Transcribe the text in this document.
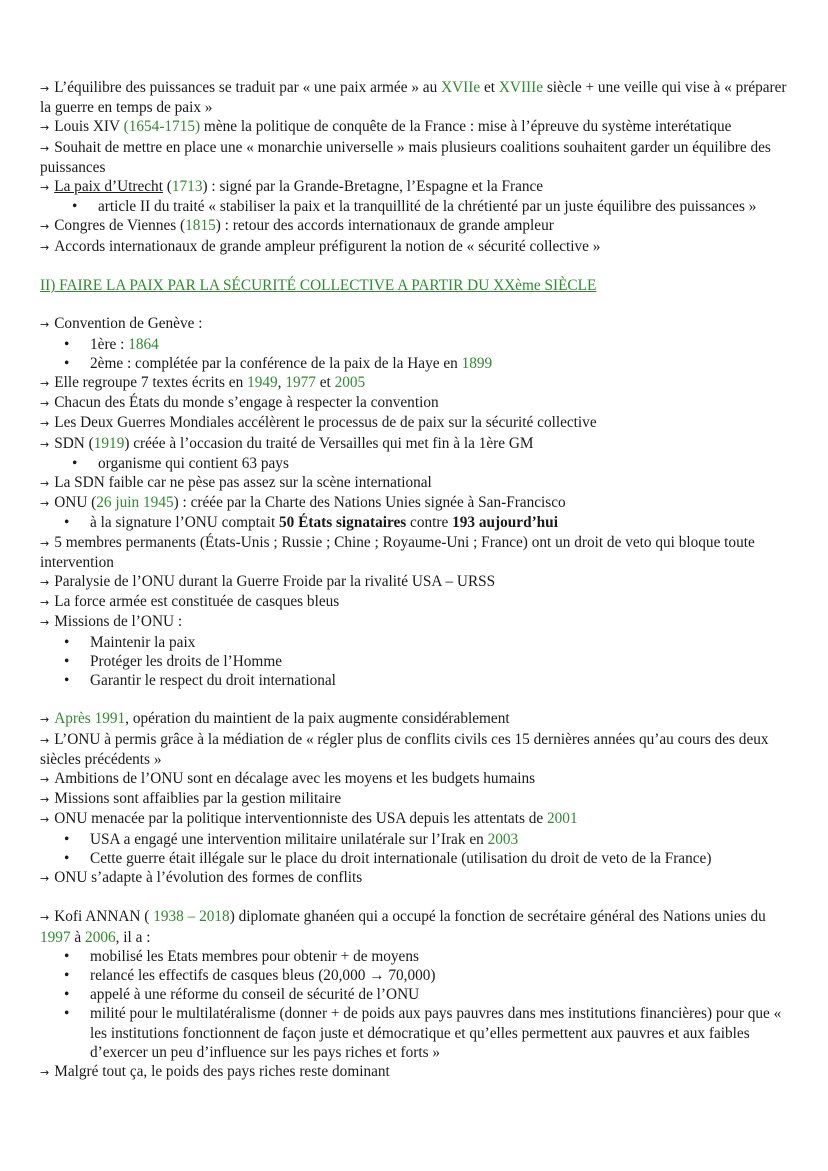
→ L’équilibre des puissances se traduit par « une paix armée » au XVIIe et XVIIIe siècle + une veille qui vise à « préparer la guerre en temps de paix »

→ Louis XIV (1654-1715) mène la politique de conquête de la France : mise à l’épreuve du système interétatique

→ Souhait de mettre en place une « monarchie universelle » mais plusieurs coalitions souhaitent garder un équilibre des puissances

→ La paix d’Utrecht (1713) : signé par la Grande-Bretagne, l’Espagne et la France

• article II du traité « stabiliser la paix et la tranquillité de la chrétienté par un juste équilibre des puissances »

→ Congres de Viennes (1815) : retour des accords internationaux de grande ampleur

→ Accords internationaux de grande ampleur préfigurent la notion de « sécurité collective »

II) FAIRE LA PAIX PAR LA SÉCURITÉ COLLECTIVE A PARTIR DU XXème SIÈCLE

→ Convention de Genève :

• 1ère : 1864
• 2ème : complétée par la conférence de la paix de la Haye en 1899

→ Elle regroupe 7 textes écrits en 1949, 1977 et 2005

→ Chacun des États du monde s’engage à respecter la convention

→ Les Deux Guerres Mondiales accélèrent le processus de de paix sur la sécurité collective

→ SDN (1919) créée à l’occasion du traité de Versailles qui met fin à la 1ère GM

• organisme qui contient 63 pays

→ La SDN faible car ne pèse pas assez sur la scène international

→ ONU (26 juin 1945) : créée par la Charte des Nations Unies signée à San-Francisco

• à la signature l’ONU comptait 50 États signataires contre 193 aujourd’hui

→ 5 membres permanents (États-Unis ; Russie ; Chine ; Royaume-Uni ; France) ont un droit de veto qui bloque toute intervention

→ Paralysie de l’ONU durant la Guerre Froide par la rivalité USA – URSS

→ La force armée est constituée de casques bleus

→ Missions de l’ONU :

• Maintenir la paix
• Protéger les droits de l’Homme
• Garantir le respect du droit international

→ Après 1991, opération du maintient de la paix augmente considérablement

→ L’ONU à permis grâce à la médiation de « régler plus de conflits civils ces 15 dernières années qu’au cours des deux siècles précédents »

→ Ambitions de l’ONU sont en décalage avec les moyens et les budgets humains

→ Missions sont affaiblies par la gestion militaire

→ ONU menacée par la politique interventionniste des USA depuis les attentats de 2001

• USA a engagé une intervention militaire unilatérale sur l’Irak en 2003
• Cette guerre était illégale sur le place du droit internationale (utilisation du droit de veto de la France)

→ ONU s’adapte à l’évolution des formes de conflits

→ Kofi ANNAN ( 1938 – 2018) diplomate ghanéen qui a occupé la fonction de secrétaire général des Nations unies du 1997 à 2006, il a :

• mobilisé les Etats membres pour obtenir + de moyens
• relancé les effectifs de casques bleus (20,000 → 70,000)
• appelé à une réforme du conseil de sécurité de l’ONU
• milité pour le multilatéralisme (donner + de poids aux pays pauvres dans mes institutions financières) pour que « les institutions fonctionnent de façon juste et démocratique et qu’elles permettent aux pauvres et aux faibles d’exercer un peu d’influence sur les pays riches et forts »

→ Malgré tout ça, le poids des pays riches reste dominant
